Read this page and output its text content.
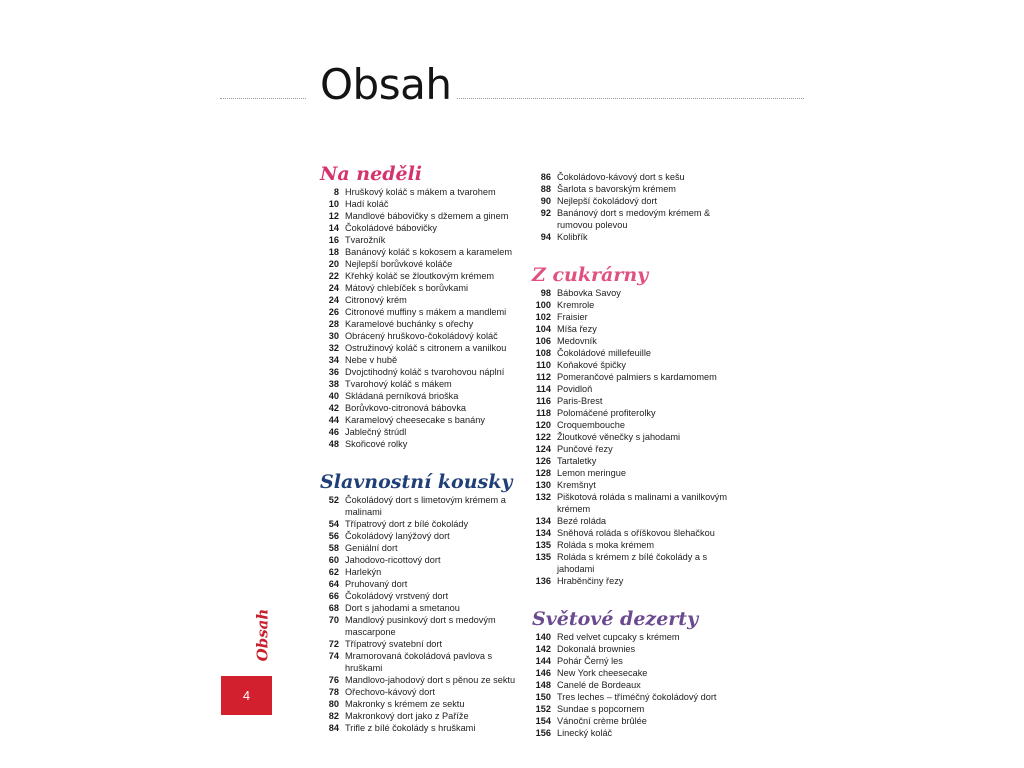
Obsah
Na neděli
8 Hruškový koláč s mákem a tvarohem
10 Hadí koláč
12 Mandlové bábovičky s džemem a ginem
14 Čokoládové bábovičky
16 Tvarožník
18 Banánový koláč s kokosem a karamelem
20 Nejlepší borůvkové koláče
22 Křehký koláč se žloutkovým krémem
24 Mátový chlebíček s borůvkami
24 Citronový krém
26 Citronové muffiny s mákem a mandlemi
28 Karamelové buchánky s ořechy
30 Obrácený hruškovo-čokoládový koláč
32 Ostružinový koláč s citronem a vanilkou
34 Nebe v hubě
36 Dvojctihodný koláč s tvarohovou náplní
38 Tvarohový koláč s mákem
40 Skládaná perníková brioška
42 Borůvkovo-citronová bábovka
44 Karamelový cheesecake s banány
46 Jablečný štrúdl
48 Skořicové rolky
Slavnostní kousky
52 Čokoládový dort s limetovým krémem a malinami
54 Třípatrový dort z bílé čokolády
56 Čokoládový lanýžový dort
58 Geniální dort
60 Jahodovo-ricottový dort
62 Harlekýn
64 Pruhovaný dort
66 Čokoládový vrstvený dort
68 Dort s jahodami a smetanou
70 Mandlový pusinkový dort s medovým mascarpone
72 Třípatrový svatební dort
74 Mramorovaná čokoládová pavlova s hruškami
76 Mandlovo-jahodový dort s pěnou ze sektu
78 Ořechovo-kávový dort
80 Makronky s krémem ze sektu
82 Makronkový dort jako z Paříže
84 Trifle z bílé čokolády s hruškami
86 Čokoládovo-kávový dort s kešu
88 Šarlota s bavorským krémem
90 Nejlepší čokoládový dort
92 Banánový dort s medovým krémem & rumovou polevou
94 Kolibřík
Z cukrárny
98 Bábovka Savoy
100 Kremrole
102 Fraisier
104 Míša řezy
106 Medovník
108 Čokoládové millefeuille
110 Koňakové špičky
112 Pomerančové palmiers s kardamomem
114 Povidloň
116 Paris-Brest
118 Polomáčené profiterolky
120 Croquembouche
122 Žloutkové věnečky s jahodami
124 Punčové řezy
126 Tartaletky
128 Lemon meringue
130 Kremšnyt
132 Piškotová roláda s malinami a vanilkovým krémem
134 Bezé roláda
134 Sněhová roláda s oříškovou šlehačkou
135 Roláda s moka krémem
135 Roláda s krémem z bílé čokolády a s jahodami
136 Hraběnčiny řezy
Světové dezerty
140 Red velvet cupcaky s krémem
142 Dokonalá brownies
144 Pohár Černý les
146 New York cheesecake
148 Canelé de Bordeaux
150 Tres leches – tříméčný čokoládový dort
152 Sundae s popcornem
154 Vánoční crème brûlée
156 Linecký koláč
Obsah
4
